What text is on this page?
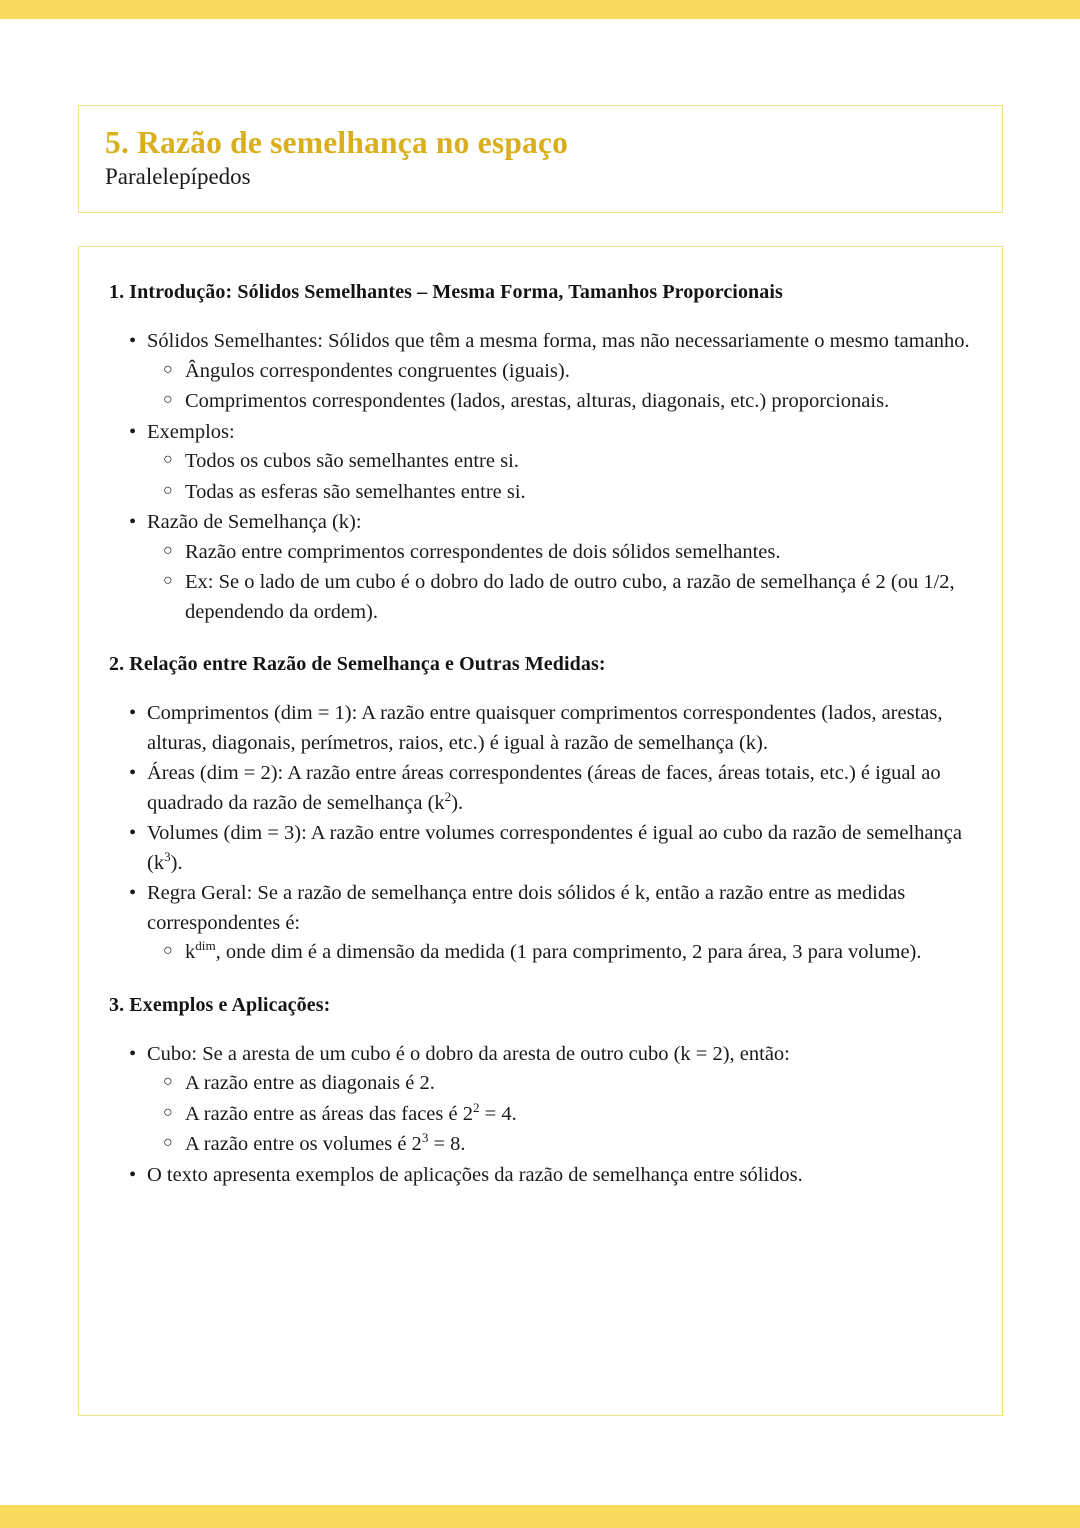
5. Razão de semelhança no espaço
Paralelepípedos
1. Introdução: Sólidos Semelhantes – Mesma Forma, Tamanhos Proporcionais
• Sólidos Semelhantes: Sólidos que têm a mesma forma, mas não necessariamente o mesmo tamanho.
○ Ângulos correspondentes congruentes (iguais).
○ Comprimentos correspondentes (lados, arestas, alturas, diagonais, etc.) proporcionais.
• Exemplos:
○ Todos os cubos são semelhantes entre si.
○ Todas as esferas são semelhantes entre si.
• Razão de Semelhança (k):
○ Razão entre comprimentos correspondentes de dois sólidos semelhantes.
○ Ex: Se o lado de um cubo é o dobro do lado de outro cubo, a razão de semelhança é 2 (ou 1/2, dependendo da ordem).
2. Relação entre Razão de Semelhança e Outras Medidas:
• Comprimentos (dim = 1): A razão entre quaisquer comprimentos correspondentes (lados, arestas, alturas, diagonais, perímetros, raios, etc.) é igual à razão de semelhança (k).
• Áreas (dim = 2): A razão entre áreas correspondentes (áreas de faces, áreas totais, etc.) é igual ao quadrado da razão de semelhança $(k^2)$.
• Volumes (dim = 3): A razão entre volumes correspondentes é igual ao cubo da razão de semelhança $(k^3)$.
• Regra Geral: Se a razão de semelhança entre dois sólidos é k, então a razão entre as medidas correspondentes é:
○ $k^{dim}$, onde dim é a dimensão da medida (1 para comprimento, 2 para área, 3 para volume).
3. Exemplos e Aplicações:
• Cubo: Se a aresta de um cubo é o dobro da aresta de outro cubo (k = 2), então:
○ A razão entre as diagonais é 2.
○ A razão entre as áreas das faces é $2^2 = 4$.
○ A razão entre os volumes é $2^3 = 8$.
• O texto apresenta exemplos de aplicações da razão de semelhança entre sólidos.
